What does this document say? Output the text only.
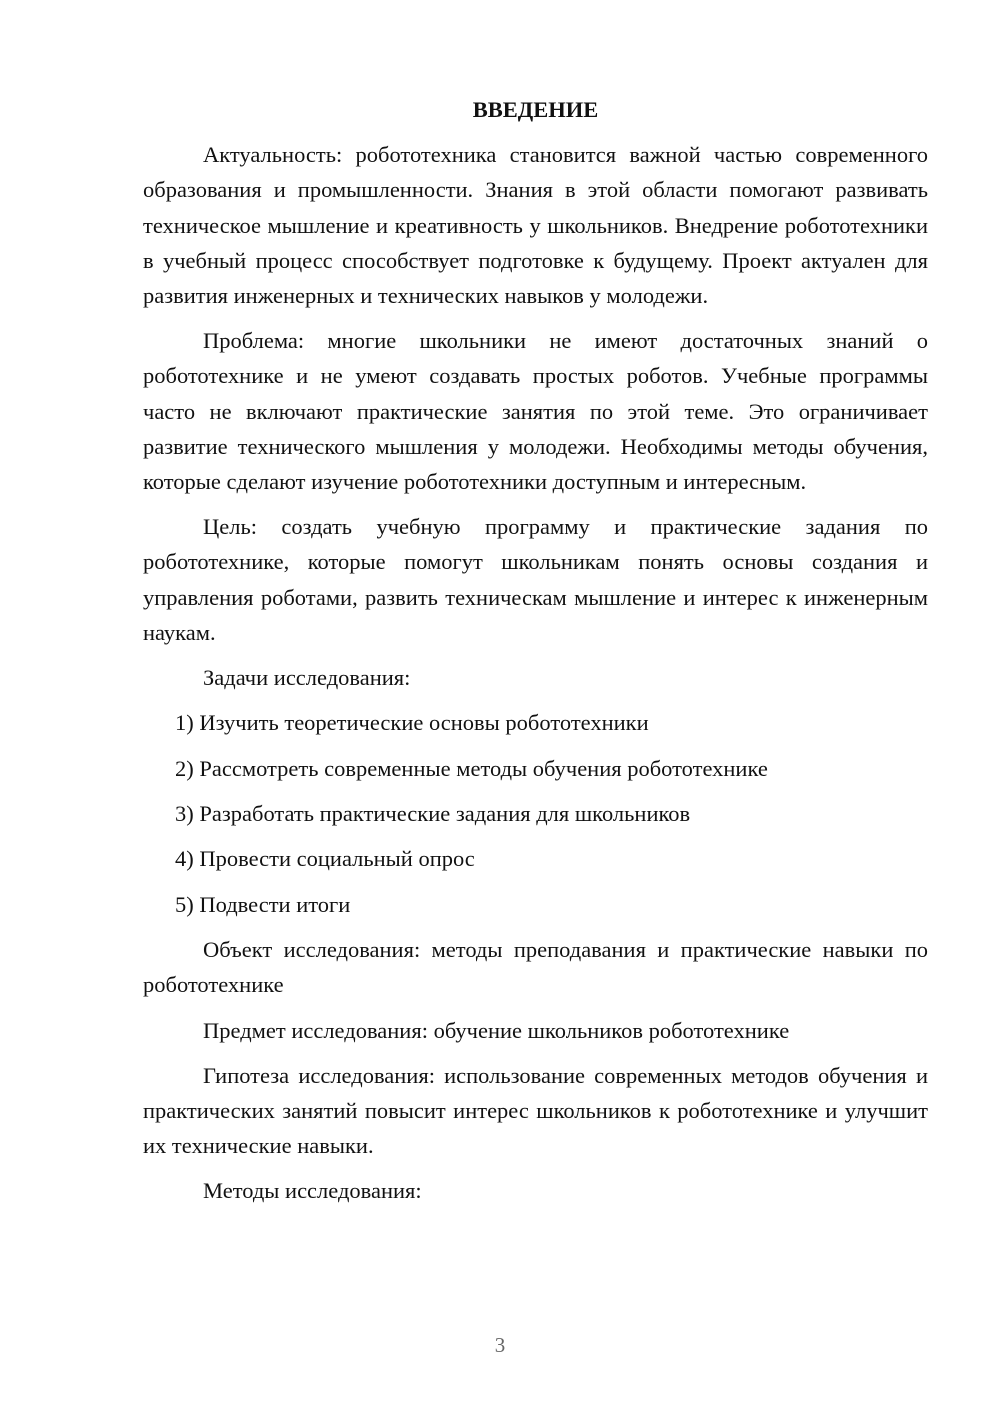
ВВЕДЕНИЕ

Актуальность: робототехника становится важной частью современного образования и промышленности. Знания в этой области помогают развивать техническое мышление и креативность у школьников. Внедрение робототехники в учебный процесс способствует подготовке к будущему. Проект актуален для развития инженерных и технических навыков у молодежи.

Проблема: многие школьники не имеют достаточных знаний о робототехнике и не умеют создавать простых роботов. Учебные программы часто не включают практические занятия по этой теме. Это ограничивает развитие технического мышления у молодежи. Необходимы методы обучения, которые сделают изучение робототехники доступным и интересным.

Цель: создать учебную программу и практические задания по робототехнике, которые помогут школьникам понять основы создания и управления роботами, развить техническам мышление и интерес к инженерным наукам.

Задачи исследования:

1) Изучить теоретические основы робототехники
2) Рассмотреть современные методы обучения робототехнике
3) Разработать практические задания для школьников
4) Провести социальный опрос
5) Подвести итоги

Объект исследования: методы преподавания и практические навыки по робототехнике

Предмет исследования: обучение школьников робототехнике

Гипотеза исследования: использование современных методов обучения и практических занятий повысит интерес школьников к робототехнике и улучшит их технические навыки.

Методы исследования:

3
